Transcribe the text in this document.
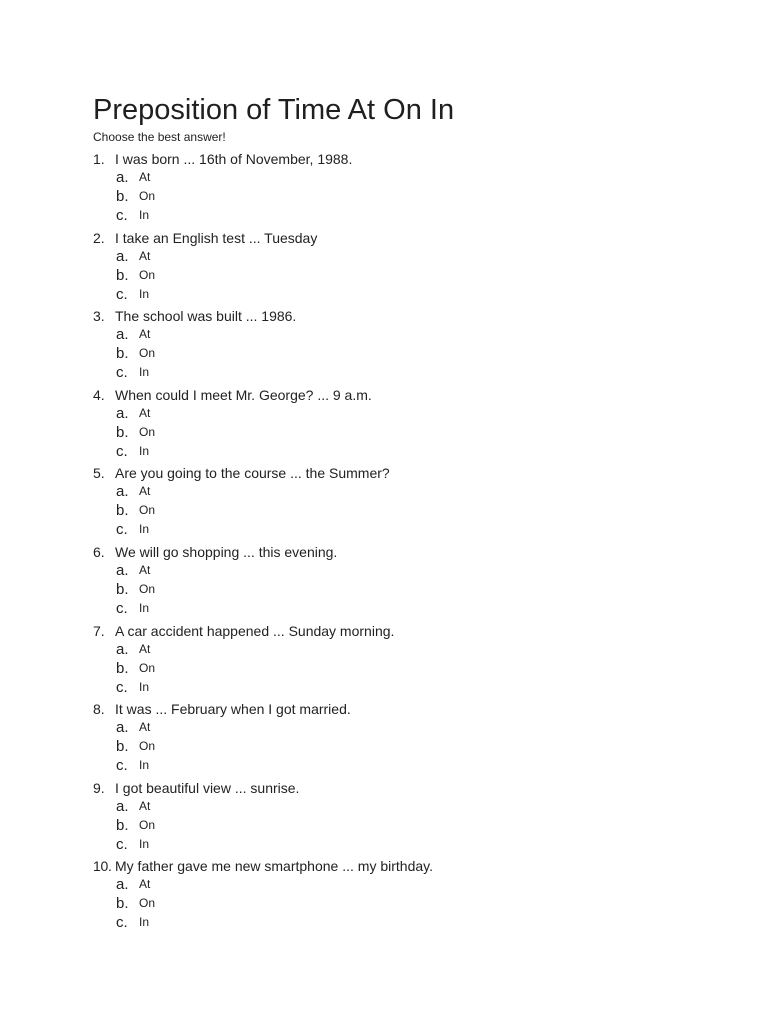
Preposition of Time At On In
Choose the best answer!
1. I was born ... 16th of November, 1988.
a. At
b. On
c. In
2. I take an English test ... Tuesday
a. At
b. On
c. In
3. The school was built ... 1986.
a. At
b. On
c. In
4. When could I meet Mr. George? ... 9 a.m.
a. At
b. On
c. In
5. Are you going to the course ... the Summer?
a. At
b. On
c. In
6. We will go shopping ... this evening.
a. At
b. On
c. In
7. A car accident happened ... Sunday morning.
a. At
b. On
c. In
8. It was ... February when I got married.
a. At
b. On
c. In
9. I got beautiful view ... sunrise.
a. At
b. On
c. In
10. My father gave me new smartphone ... my birthday.
a. At
b. On
c. In
